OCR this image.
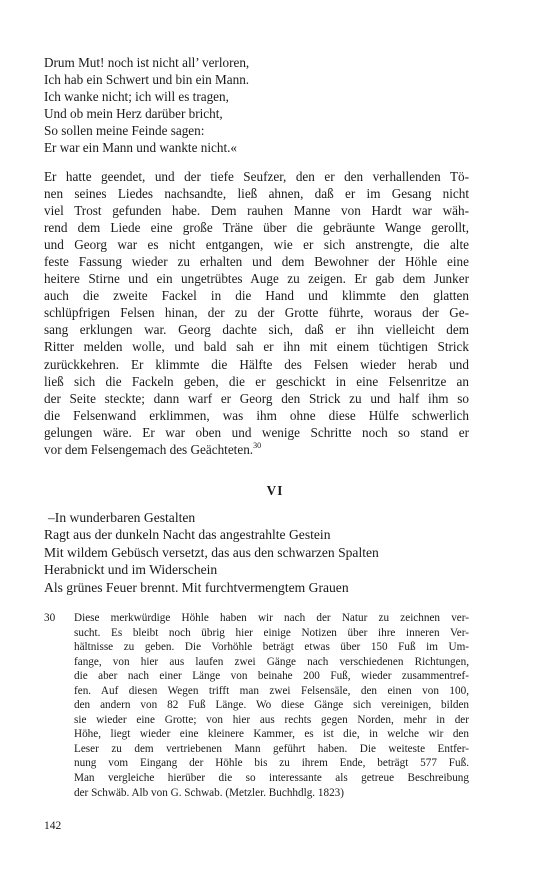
Drum Mut! noch ist nicht all’ verloren,
Ich hab ein Schwert und bin ein Mann.
Ich wanke nicht; ich will es tragen,
Und ob mein Herz darüber bricht,
So sollen meine Feinde sagen:
Er war ein Mann und wankte nicht.«
Er hatte geendet, und der tiefe Seufzer, den er den verhallenden Tö-
nen seines Liedes nachsandte, ließ ahnen, daß er im Gesang nicht
viel Trost gefunden habe. Dem rauhen Manne von Hardt war wäh-
rend dem Liede eine große Träne über die gebräunte Wange gerollt,
und Georg war es nicht entgangen, wie er sich anstrengte, die alte
feste Fassung wieder zu erhalten und dem Bewohner der Höhle eine
heitere Stirne und ein ungetrübtes Auge zu zeigen. Er gab dem Junker
auch die zweite Fackel in die Hand und klimmte den glatten
schlüpfrigen Felsen hinan, der zu der Grotte führte, woraus der Ge-
sang erklungen war. Georg dachte sich, daß er ihn vielleicht dem
Ritter melden wolle, und bald sah er ihn mit einem tüchtigen Strick
zurückkehren. Er klimmte die Hälfte des Felsen wieder herab und
ließ sich die Fackeln geben, die er geschickt in eine Felsenritze an
der Seite steckte; dann warf er Georg den Strick zu und half ihm so
die Felsenwand erklimmen, was ihm ohne diese Hülfe schwerlich
gelungen wäre. Er war oben und wenige Schritte noch so stand er
vor dem Felsengemach des Geächteten.$^{30}$
VI
–In wunderbaren Gestalten
Ragt aus der dunkeln Nacht das angestrahlte Gestein
Mit wildem Gebüsch versetzt, das aus den schwarzen Spalten
Herabnickt und im Widerschein
Als grünes Feuer brennt. Mit furchtvermengtem Grauen
30 Diese merkwürdige Höhle haben wir nach der Natur zu zeichnen ver-
sucht. Es bleibt noch übrig hier einige Notizen über ihre inneren Ver-
hältnisse zu geben. Die Vorhöhle beträgt etwas über 150 Fuß im Um-
fange, von hier aus laufen zwei Gänge nach verschiedenen Richtungen,
die aber nach einer Länge von beinahe 200 Fuß, wieder zusammentref-
fen. Auf diesen Wegen trifft man zwei Felsensäle, den einen von 100,
den andern von 82 Fuß Länge. Wo diese Gänge sich vereinigen, bilden
sie wieder eine Grotte; von hier aus rechts gegen Norden, mehr in der
Höhe, liegt wieder eine kleinere Kammer, es ist die, in welche wir den
Leser zu dem vertriebenen Mann geführt haben. Die weiteste Entfer-
nung vom Eingang der Höhle bis zu ihrem Ende, beträgt 577 Fuß.
Man vergleiche hierüber die so interessante als getreue Beschreibung
der Schwäb. Alb von G. Schwab. (Metzler. Buchhdlg. 1823)
142
